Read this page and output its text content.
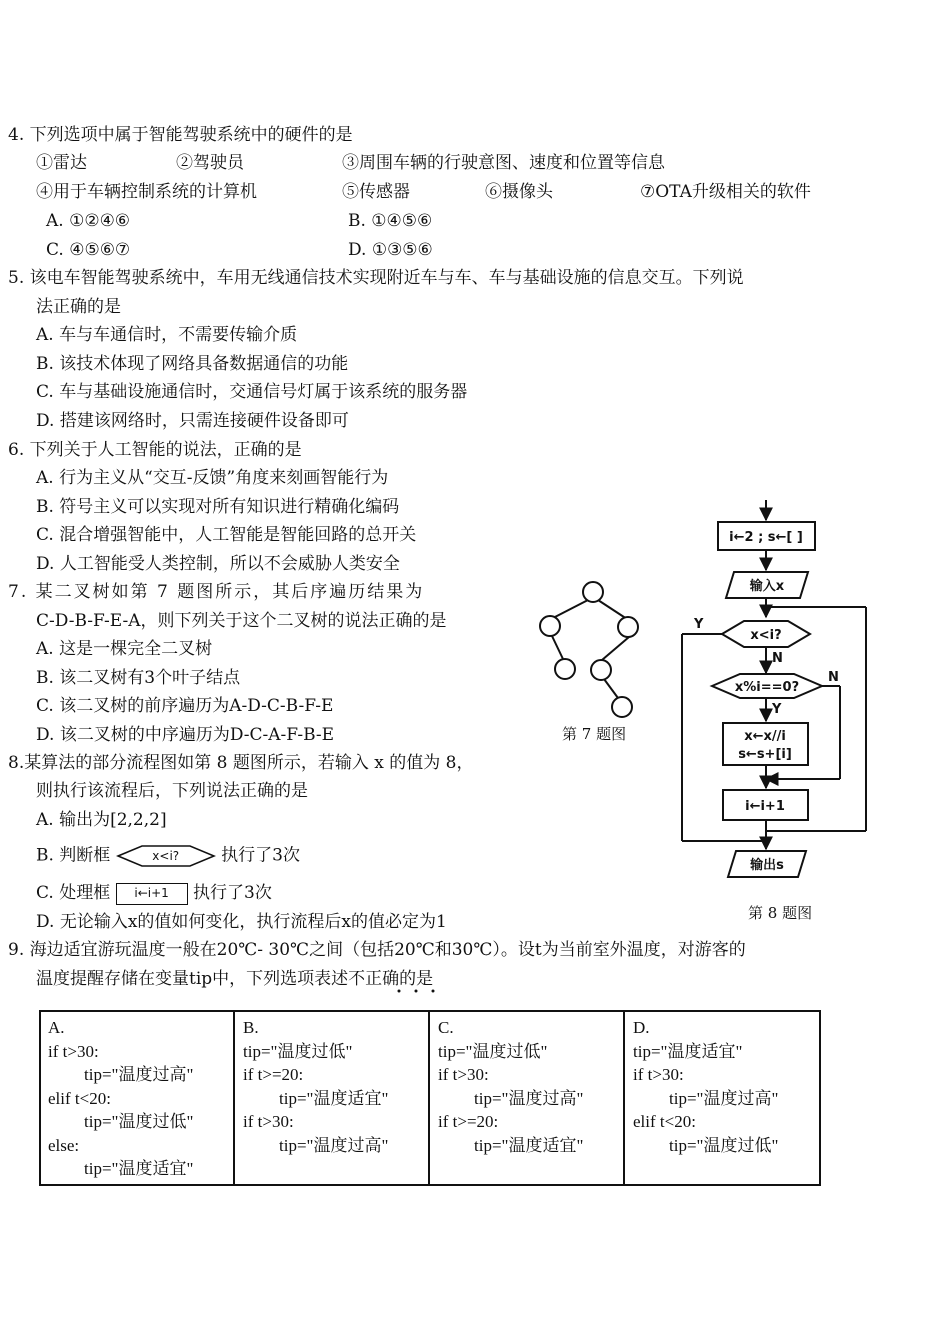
4. 下列选项中属于智能驾驶系统中的硬件的是
①雷达	②驾驶员	③周围车辆的行驶意图、速度和位置等信息
④用于车辆控制系统的计算机	⑤传感器	⑥摄像头	⑦OTA升级相关的软件
A. ①②④⑥	B. ①④⑤⑥
C. ④⑤⑥⑦	D. ①③⑤⑥
5. 该电车智能驾驶系统中，车用无线通信技术实现附近车与车、车与基础设施的信息交互。下列说
法正确的是
A. 车与车通信时，不需要传输介质
B. 该技术体现了网络具备数据通信的功能
C. 车与基础设施通信时，交通信号灯属于该系统的服务器
D. 搭建该网络时，只需连接硬件设备即可
6. 下列关于人工智能的说法，正确的是
A. 行为主义从“交互-反馈”角度来刻画智能行为
B. 符号主义可以实现对所有知识进行精确化编码
C. 混合增强智能中，人工智能是智能回路的总开关
D. 人工智能受人类控制，所以不会威胁人类安全
7. 某二叉树如第 7 题图所示，其后序遍历结果为
C-D-B-F-E-A，则下列关于这个二叉树的说法正确的是
A. 这是一棵完全二叉树
B. 该二叉树有3个叶子结点
C. 该二叉树的前序遍历为A-D-C-B-F-E
D. 该二叉树的中序遍历为D-C-A-F-B-E	第 7 题图
8.某算法的部分流程图如第 8 题图所示，若输入 x 的值为 8，
则执行该流程后，下列说法正确的是
A. 输出为[2,2,2]
B. 判断框	x<i?	执行了3次
C. 处理框 i←i+1 执行了3次
D. 无论输入x的值如何变化，执行流程后x的值必定为1
i←2 ; s←[ ]
输入x
x<i?
x%i==0?
x←x//i
s←s+[i]
i←i+1
输出s
Y
N
N
Y
第 8 题图
9. 海边适宜游玩温度一般在20℃- 30℃之间（包括20℃和30℃）。设t为当前室外温度，对游客的
温度提醒存储在变量tip中，下列选项表述不正确的是
A.
if t>30:
tip="温度过高"
elif t<20:
tip="温度过低"
else:
tip="温度适宜"
B.
tip="温度过低"
if t>=20:
tip="温度适宜"
if t>30:
tip="温度过高"
C.
tip="温度过低"
if t>30:
tip="温度过高"
if t>=20:
tip="温度适宜"
D.
tip="温度适宜"
if t>30:
tip="温度过高"
elif t<20:
tip="温度过低"
